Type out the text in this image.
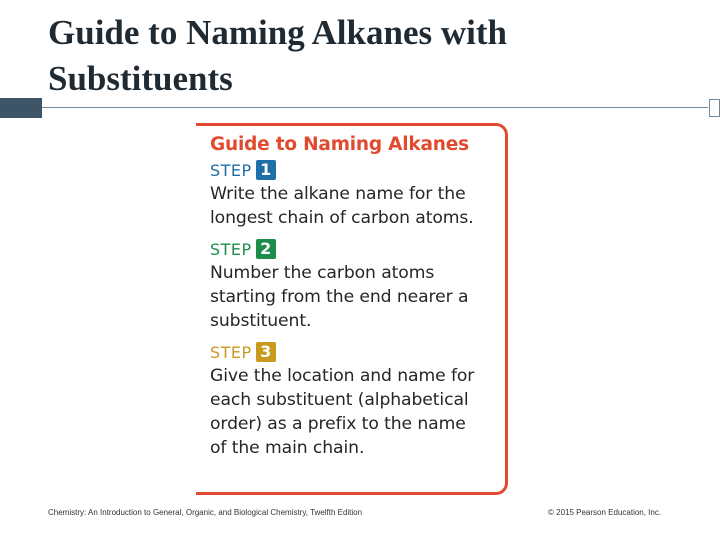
Guide to Naming Alkanes with Substituents
Guide to Naming Alkanes
STEP 1

Write the alkane name for the
longest chain of carbon atoms.

STEP 2

Number the carbon atoms
starting from the end nearer a
substituent.

STEP 3

Give the location and name for
each substituent (alphabetical
order) as a prefix to the name
of the main chain.

Chemistry: An Introduction to General, Organic, and Biological Chemistry, Twelfth Edition	© 2015 Pearson Education, Inc.
